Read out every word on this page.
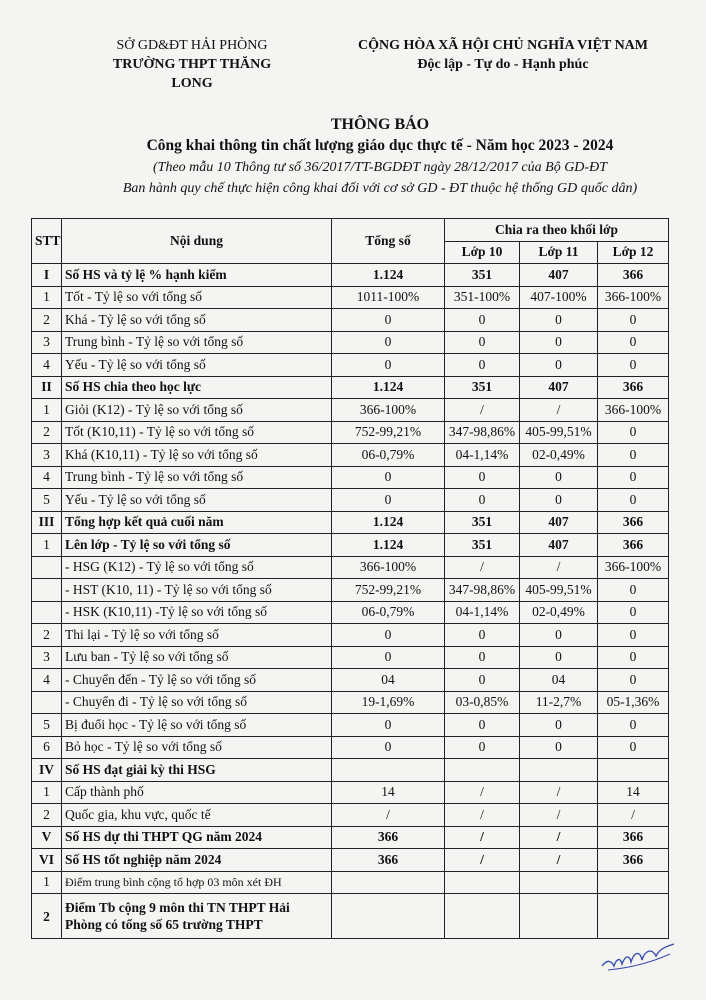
SỞ GD&ĐT HẢI PHÒNG
TRƯỜNG THPT THĂNG LONG
CỘNG HÒA XÃ HỘI CHỦ NGHĨA VIỆT NAM
Độc lập - Tự do - Hạnh phúc
THÔNG BÁO
Công khai thông tin chất lượng giáo dục thực tế - Năm học 2023 - 2024
(Theo mẫu 10 Thông tư số 36/2017/TT-BGDĐT ngày 28/12/2017 của Bộ GD-ĐT
Ban hành quy chế thực hiện công khai đối với cơ sở GD - ĐT thuộc hệ thống GD quốc dân)
STT	Nội dung	Tổng số	Chia ra theo khối lớp		
			Lớp 10	Lớp 11	Lớp 12
I	Số HS và tỷ lệ % hạnh kiểm	1.124	351	407	366
1	Tốt - Tỷ lệ so với tổng số	1011-100%	351-100%	407-100%	366-100%
2	Khá - Tỷ lệ so với tổng số	0	0	0	0
3	Trung bình - Tỷ lệ so với tổng số	0	0	0	0
4	Yếu - Tỷ lệ so với tổng số	0	0	0	0
II	Số HS chia theo học lực	1.124	351	407	366
1	Giỏi (K12) - Tỷ lệ so với tổng số	366-100%	/	/	366-100%
2	Tốt (K10,11) - Tỷ lệ so với tổng số	752-99,21%	347-98,86%	405-99,51%	0
3	Khá (K10,11) - Tỷ lệ so với tổng số	06-0,79%	04-1,14%	02-0,49%	0
4	Trung bình - Tỷ lệ so với tổng số	0	0	0	0
5	Yếu - Tỷ lệ so với tổng số	0	0	0	0
III	Tổng hợp kết quả cuối năm	1.124	351	407	366
1	Lên lớp - Tỷ lệ so với tổng số	1.124	351	407	366
	- HSG (K12) - Tỷ lệ so với tổng số	366-100%	/	/	366-100%
	- HST (K10, 11) - Tỷ lệ so với tổng số	752-99,21%	347-98,86%	405-99,51%	0
	- HSK (K10,11) -Tỷ lệ so với tổng số	06-0,79%	04-1,14%	02-0,49%	0
2	Thi lại - Tỷ lệ so với tổng số	0	0	0	0
3	Lưu ban - Tỷ lệ so với tổng số	0	0	0	0
4	- Chuyển đến - Tỷ lệ so với tổng số	04	0	04	0
	- Chuyển đi - Tỷ lệ so với tổng số	19-1,69%	03-0,85%	11-2,7%	05-1,36%
5	Bị đuổi học - Tỷ lệ so với tổng số	0	0	0	0
6	Bỏ học - Tỷ lệ so với tổng số	0	0	0	0
IV	Số HS đạt giải kỳ thi HSG				
1	Cấp thành phố	14	/	/	14
2	Quốc gia, khu vực, quốc tế	/	/	/	/
V	Số HS dự thi THPT QG năm 2024	366	/	/	366
VI	Số HS tốt nghiệp năm 2024	366	/	/	366
1	Điểm trung bình cộng tổ hợp 03 môn xét ĐH				
2	Điểm Tb cộng 9 môn thi TN THPT Hải Phòng có tổng số 65 trường THPT				
